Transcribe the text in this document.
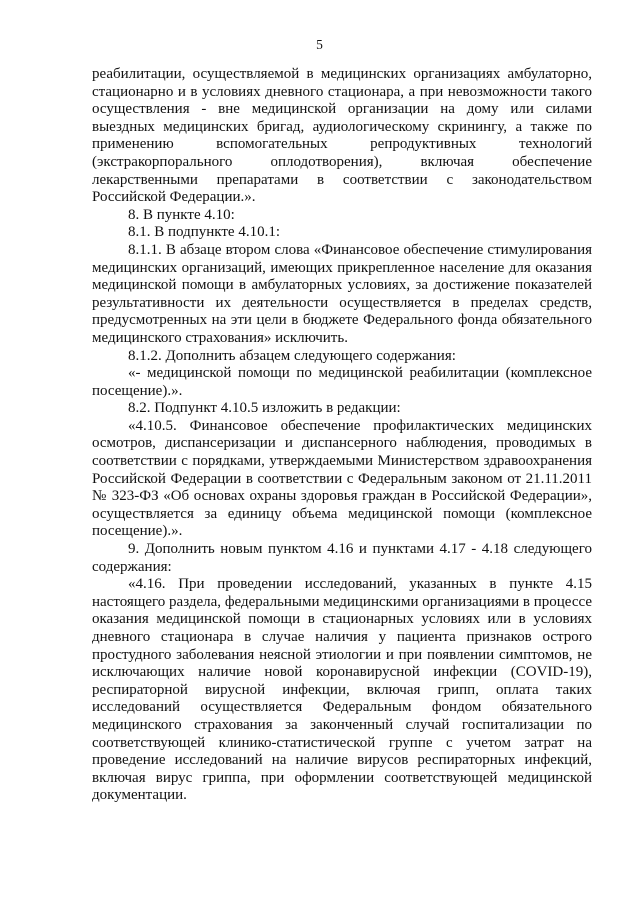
5

реабилитации, осуществляемой в медицинских организациях амбулаторно, стационарно и в условиях дневного стационара, а при невозможности такого осуществления - вне медицинской организации на дому или силами выездных медицинских бригад, аудиологическому скринингу, а также по применению вспомогательных репродуктивных технологий (экстракорпорального оплодотворения), включая обеспечение лекарственными препаратами в соответствии с законодательством Российской Федерации.».

8. В пункте 4.10:

8.1. В подпункте 4.10.1:

8.1.1. В абзаце втором слова «Финансовое обеспечение стимулирования медицинских организаций, имеющих прикрепленное население для оказания медицинской помощи в амбулаторных условиях, за достижение показателей результативности их деятельности осуществляется в пределах средств, предусмотренных на эти цели в бюджете Федерального фонда обязательного медицинского страхования» исключить.

8.1.2. Дополнить абзацем следующего содержания:

«- медицинской помощи по медицинской реабилитации (комплексное посещение).».

8.2. Подпункт 4.10.5 изложить в редакции:

«4.10.5. Финансовое обеспечение профилактических медицинских осмотров, диспансеризации и диспансерного наблюдения, проводимых в соответствии с порядками, утверждаемыми Министерством здравоохранения Российской Федерации в соответствии с Федеральным законом от 21.11.2011 № 323-ФЗ «Об основах охраны здоровья граждан в Российской Федерации», осуществляется за единицу объема медицинской помощи (комплексное посещение).».

9. Дополнить новым пунктом 4.16 и пунктами 4.17 - 4.18 следующего содержания:

«4.16. При проведении исследований, указанных в пункте 4.15 настоящего раздела, федеральными медицинскими организациями в процессе оказания медицинской помощи в стационарных условиях или в условиях дневного стационара в случае наличия у пациента признаков острого простудного заболевания неясной этиологии и при появлении симптомов, не исключающих наличие новой коронавирусной инфекции (COVID-19), респираторной вирусной инфекции, включая грипп, оплата таких исследований осуществляется Федеральным фондом обязательного медицинского страхования за законченный случай госпитализации по соответствующей клинико-статистической группе с учетом затрат на проведение исследований на наличие вирусов респираторных инфекций, включая вирус гриппа, при оформлении соответствующей медицинской документации.
